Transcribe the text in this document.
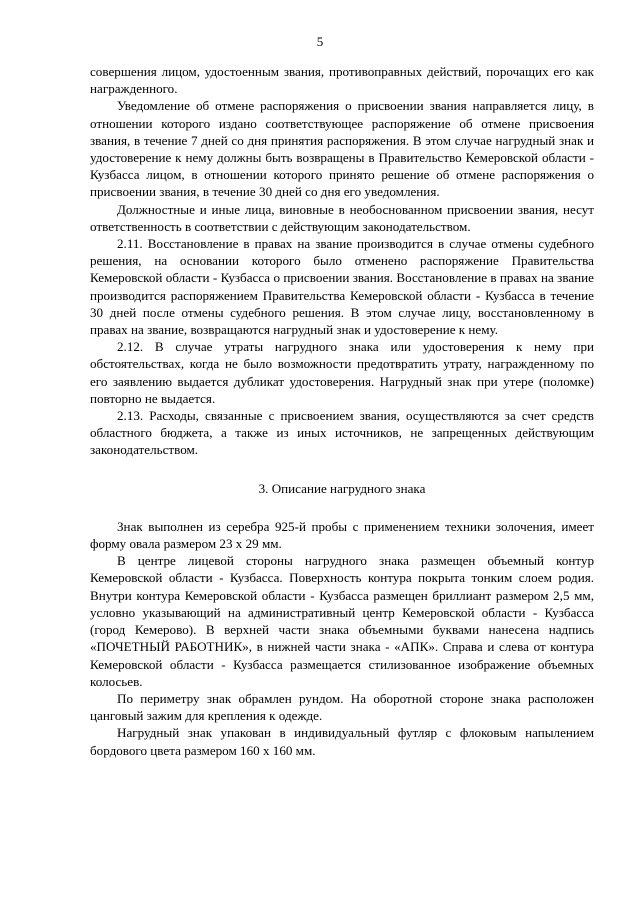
5

совершения лицом, удостоенным звания, противоправных действий, порочащих его как награжденного.

Уведомление об отмене распоряжения о присвоении звания направляется лицу, в отношении которого издано соответствующее распоряжение об отмене присвоения звания, в течение 7 дней со дня принятия распоряжения. В этом случае нагрудный знак и удостоверение к нему должны быть возвращены в Правительство Кемеровской области - Кузбасса лицом, в отношении которого принято решение об отмене распоряжения о присвоении звания, в течение 30 дней со дня его уведомления.

Должностные и иные лица, виновные в необоснованном присвоении звания, несут ответственность в соответствии с действующим законодательством.

2.11. Восстановление в правах на звание производится в случае отмены судебного решения, на основании которого было отменено распоряжение Правительства Кемеровской области - Кузбасса о присвоении звания. Восстановление в правах на звание производится распоряжением Правительства Кемеровской области - Кузбасса в течение 30 дней после отмены судебного решения. В этом случае лицу, восстановленному в правах на звание, возвращаются нагрудный знак и удостоверение к нему.

2.12. В случае утраты нагрудного знака или удостоверения к нему при обстоятельствах, когда не было возможности предотвратить утрату, награжденному по его заявлению выдается дубликат удостоверения. Нагрудный знак при утере (поломке) повторно не выдается.

2.13. Расходы, связанные с присвоением звания, осуществляются за счет средств областного бюджета, а также из иных источников, не запрещенных действующим законодательством.

3. Описание нагрудного знака

Знак выполнен из серебра 925-й пробы с применением техники золочения, имеет форму овала размером 23 x 29 мм.

В центре лицевой стороны нагрудного знака размещен объемный контур Кемеровской области - Кузбасса. Поверхность контура покрыта тонким слоем родия. Внутри контура Кемеровской области - Кузбасса размещен бриллиант размером 2,5 мм, условно указывающий на административный центр Кемеровской области - Кузбасса (город Кемерово). В верхней части знака объемными буквами нанесена надпись «ПОЧЕТНЫЙ РАБОТНИК», в нижней части знака - «АПК». Справа и слева от контура Кемеровской области - Кузбасса размещается стилизованное изображение объемных колосьев.

По периметру знак обрамлен рундом. На оборотной стороне знака расположен цанговый зажим для крепления к одежде.

Нагрудный знак упакован в индивидуальный футляр с флоковым напылением бордового цвета размером 160 x 160 мм.
